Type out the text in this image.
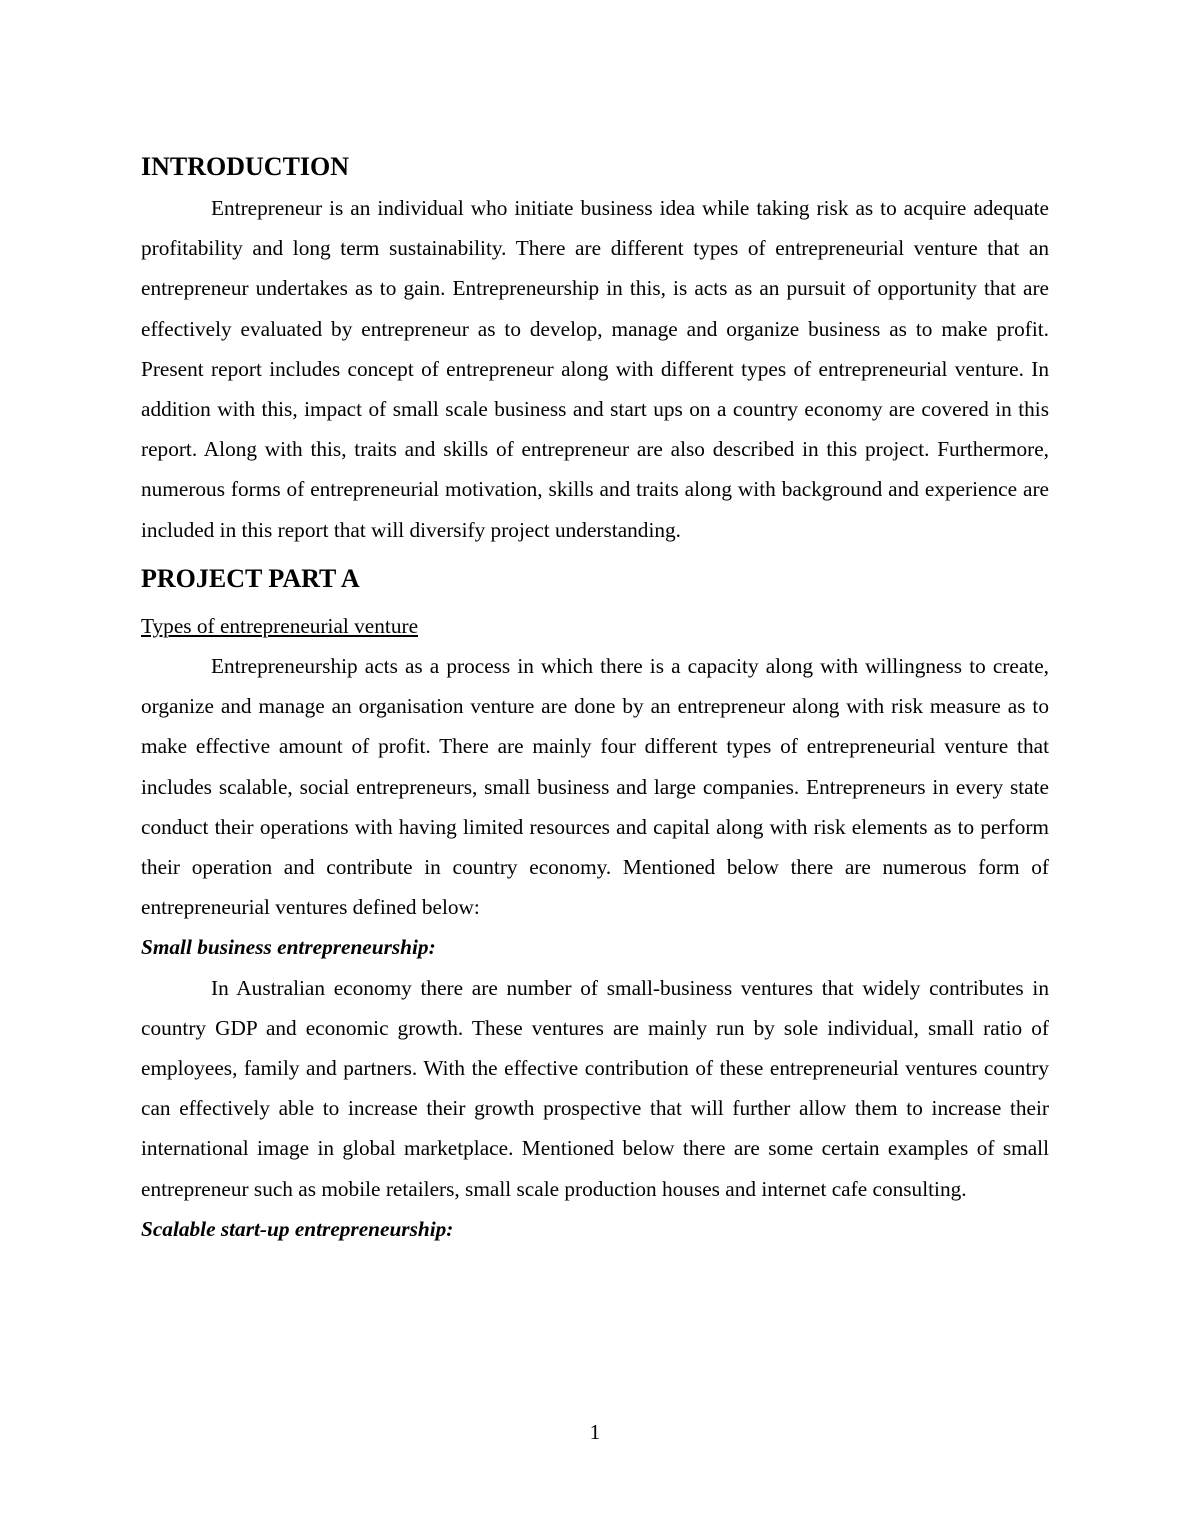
INTRODUCTION

Entrepreneur is an individual who initiate business idea while taking risk as to acquire adequate profitability and long term sustainability. There are different types of entrepreneurial venture that an entrepreneur undertakes as to gain. Entrepreneurship in this, is acts as an pursuit of opportunity that are effectively evaluated by entrepreneur as to develop, manage and organize business as to make profit. Present report includes concept of entrepreneur along with different types of entrepreneurial venture. In addition with this, impact of small scale business and start ups on a country economy are covered in this report. Along with this, traits and skills of entrepreneur are also described in this project. Furthermore, numerous forms of entrepreneurial motivation, skills and traits along with background and experience are included in this report that will diversify project understanding.

PROJECT PART A
Types of entrepreneurial venture

Entrepreneurship acts as a process in which there is a capacity along with willingness to create, organize and manage an organisation venture are done by an entrepreneur along with risk measure as to make effective amount of profit. There are mainly four different types of entrepreneurial venture that includes scalable, social entrepreneurs, small business and large companies. Entrepreneurs in every state conduct their operations with having limited resources and capital along with risk elements as to perform their operation and contribute in country economy. Mentioned below there are numerous form of entrepreneurial ventures defined below:

Small business entrepreneurship:

In Australian economy there are number of small-business ventures that widely contributes in country GDP and economic growth. These ventures are mainly run by sole individual, small ratio of employees, family and partners. With the effective contribution of these entrepreneurial ventures country can effectively able to increase their growth prospective that will further allow them to increase their international image in global marketplace. Mentioned below there are some certain examples of small entrepreneur such as mobile retailers, small scale production houses and internet cafe consulting.

Scalable start-up entrepreneurship:
1
